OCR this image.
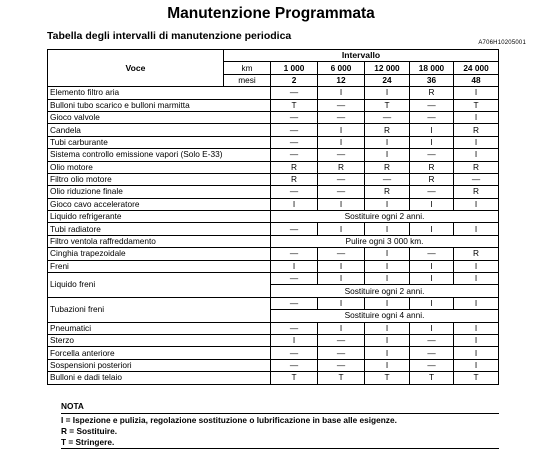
Manutenzione Programmata
Tabella degli intervalli di manutenzione periodica
A706H10205001
Voce	Intervallo					
	km	1 000	6 000	12 000	18 000	24 000
	mesi	2	12	24	36	48
Elemento filtro aria		—	I	I	R	I
Bulloni tubo scarico e bulloni marmitta		T	—	T	—	T
Gioco valvole		—	—	—	—	I
Candela		—	I	R	I	R
Tubi carburante		—	I	I	I	I
Sistema controllo emissione vapori (Solo E-33)		—	—	I	—	I
Olio motore		R	R	R	R	R
Filtro olio motore		R	—	—	R	—
Olio riduzione finale		—	—	R	—	R
Gioco cavo acceleratore		I	I	I	I	I
Liquido refrigerante		Sostituire ogni 2 anni.				
Tubi radiatore		—	I	I	I	I
Filtro ventola raffreddamento		Pulire ogni 3 000 km.				
Cinghia trapezoidale		—	—	I	—	R
Freni		I	I	I	I	I
Liquido freni		—	I	I	I	I
		Sostituire ogni 2 anni.				
Tubazioni freni		—	I	I	I	I
		Sostituire ogni 4 anni.				
Pneumatici		—	I	I	I	I
Sterzo		I	—	I	—	I
Forcella anteriore		—	—	I	—	I
Sospensioni posteriori		—	—	I	—	I
Bulloni e dadi telaio		T	T	T	T	T
NOTA
I = Ispezione e pulizia, regolazione sostituzione o lubrificazione in base alle esigenze.
R = Sostituire.
T = Stringere.
